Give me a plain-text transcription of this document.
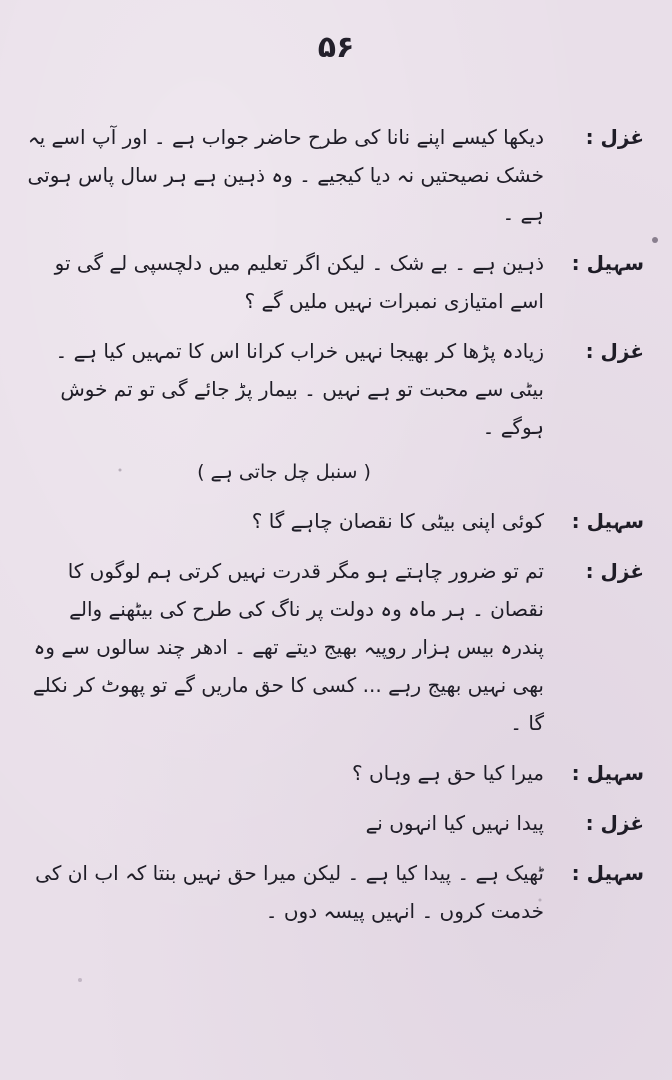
۵۶
غزل :
دیکھا کیسے اپنے نانا کی طرح حاضر جواب ہے ۔ اور آپ اسے یہ خشک نصیحتیں نہ دیا کیجیے ۔ وہ ذہین ہے ہر سال پاس ہوتی ہے ۔
سہیل :
ذہین ہے ۔ بے شک ۔ لیکن اگر تعلیم میں دلچسپی لے گی تو اسے امتیازی نمبرات نہیں ملیں گے ؟
غزل :
زیادہ پڑھا کر بھیجا نہیں خراب کرانا اس کا تمہیں کیا ہے ۔ بیٹی سے محبت تو ہے نہیں ۔ بیمار پڑ جائے گی تو تم خوش ہوگے ۔
( سنبل چل جاتی ہے )
سہیل :
کوئی اپنی بیٹی کا نقصان چاہے گا ؟
غزل :
تم تو ضرور چاہتے ہو مگر قدرت نہیں کرتی ہم لوگوں کا نقصان ۔ ہر ماہ وہ دولت پر ناگ کی طرح کی بیٹھنے والے پندرہ بیس ہزار روپیہ بھیج دیتے تھے ۔ ادھر چند سالوں سے وہ بھی نہیں بھیج رہے ... کسی کا حق ماریں گے تو پھوٹ کر نکلے گا ۔
سہیل :
میرا کیا حق ہے وہاں ؟
غزل :
پیدا نہیں کیا انہوں نے
سہیل :
ٹھیک ہے ۔ پیدا کیا ہے ۔ لیکن میرا حق نہیں بنتا کہ اب ان کی خدمت کروں ۔ انہیں پیسہ دوں ۔
